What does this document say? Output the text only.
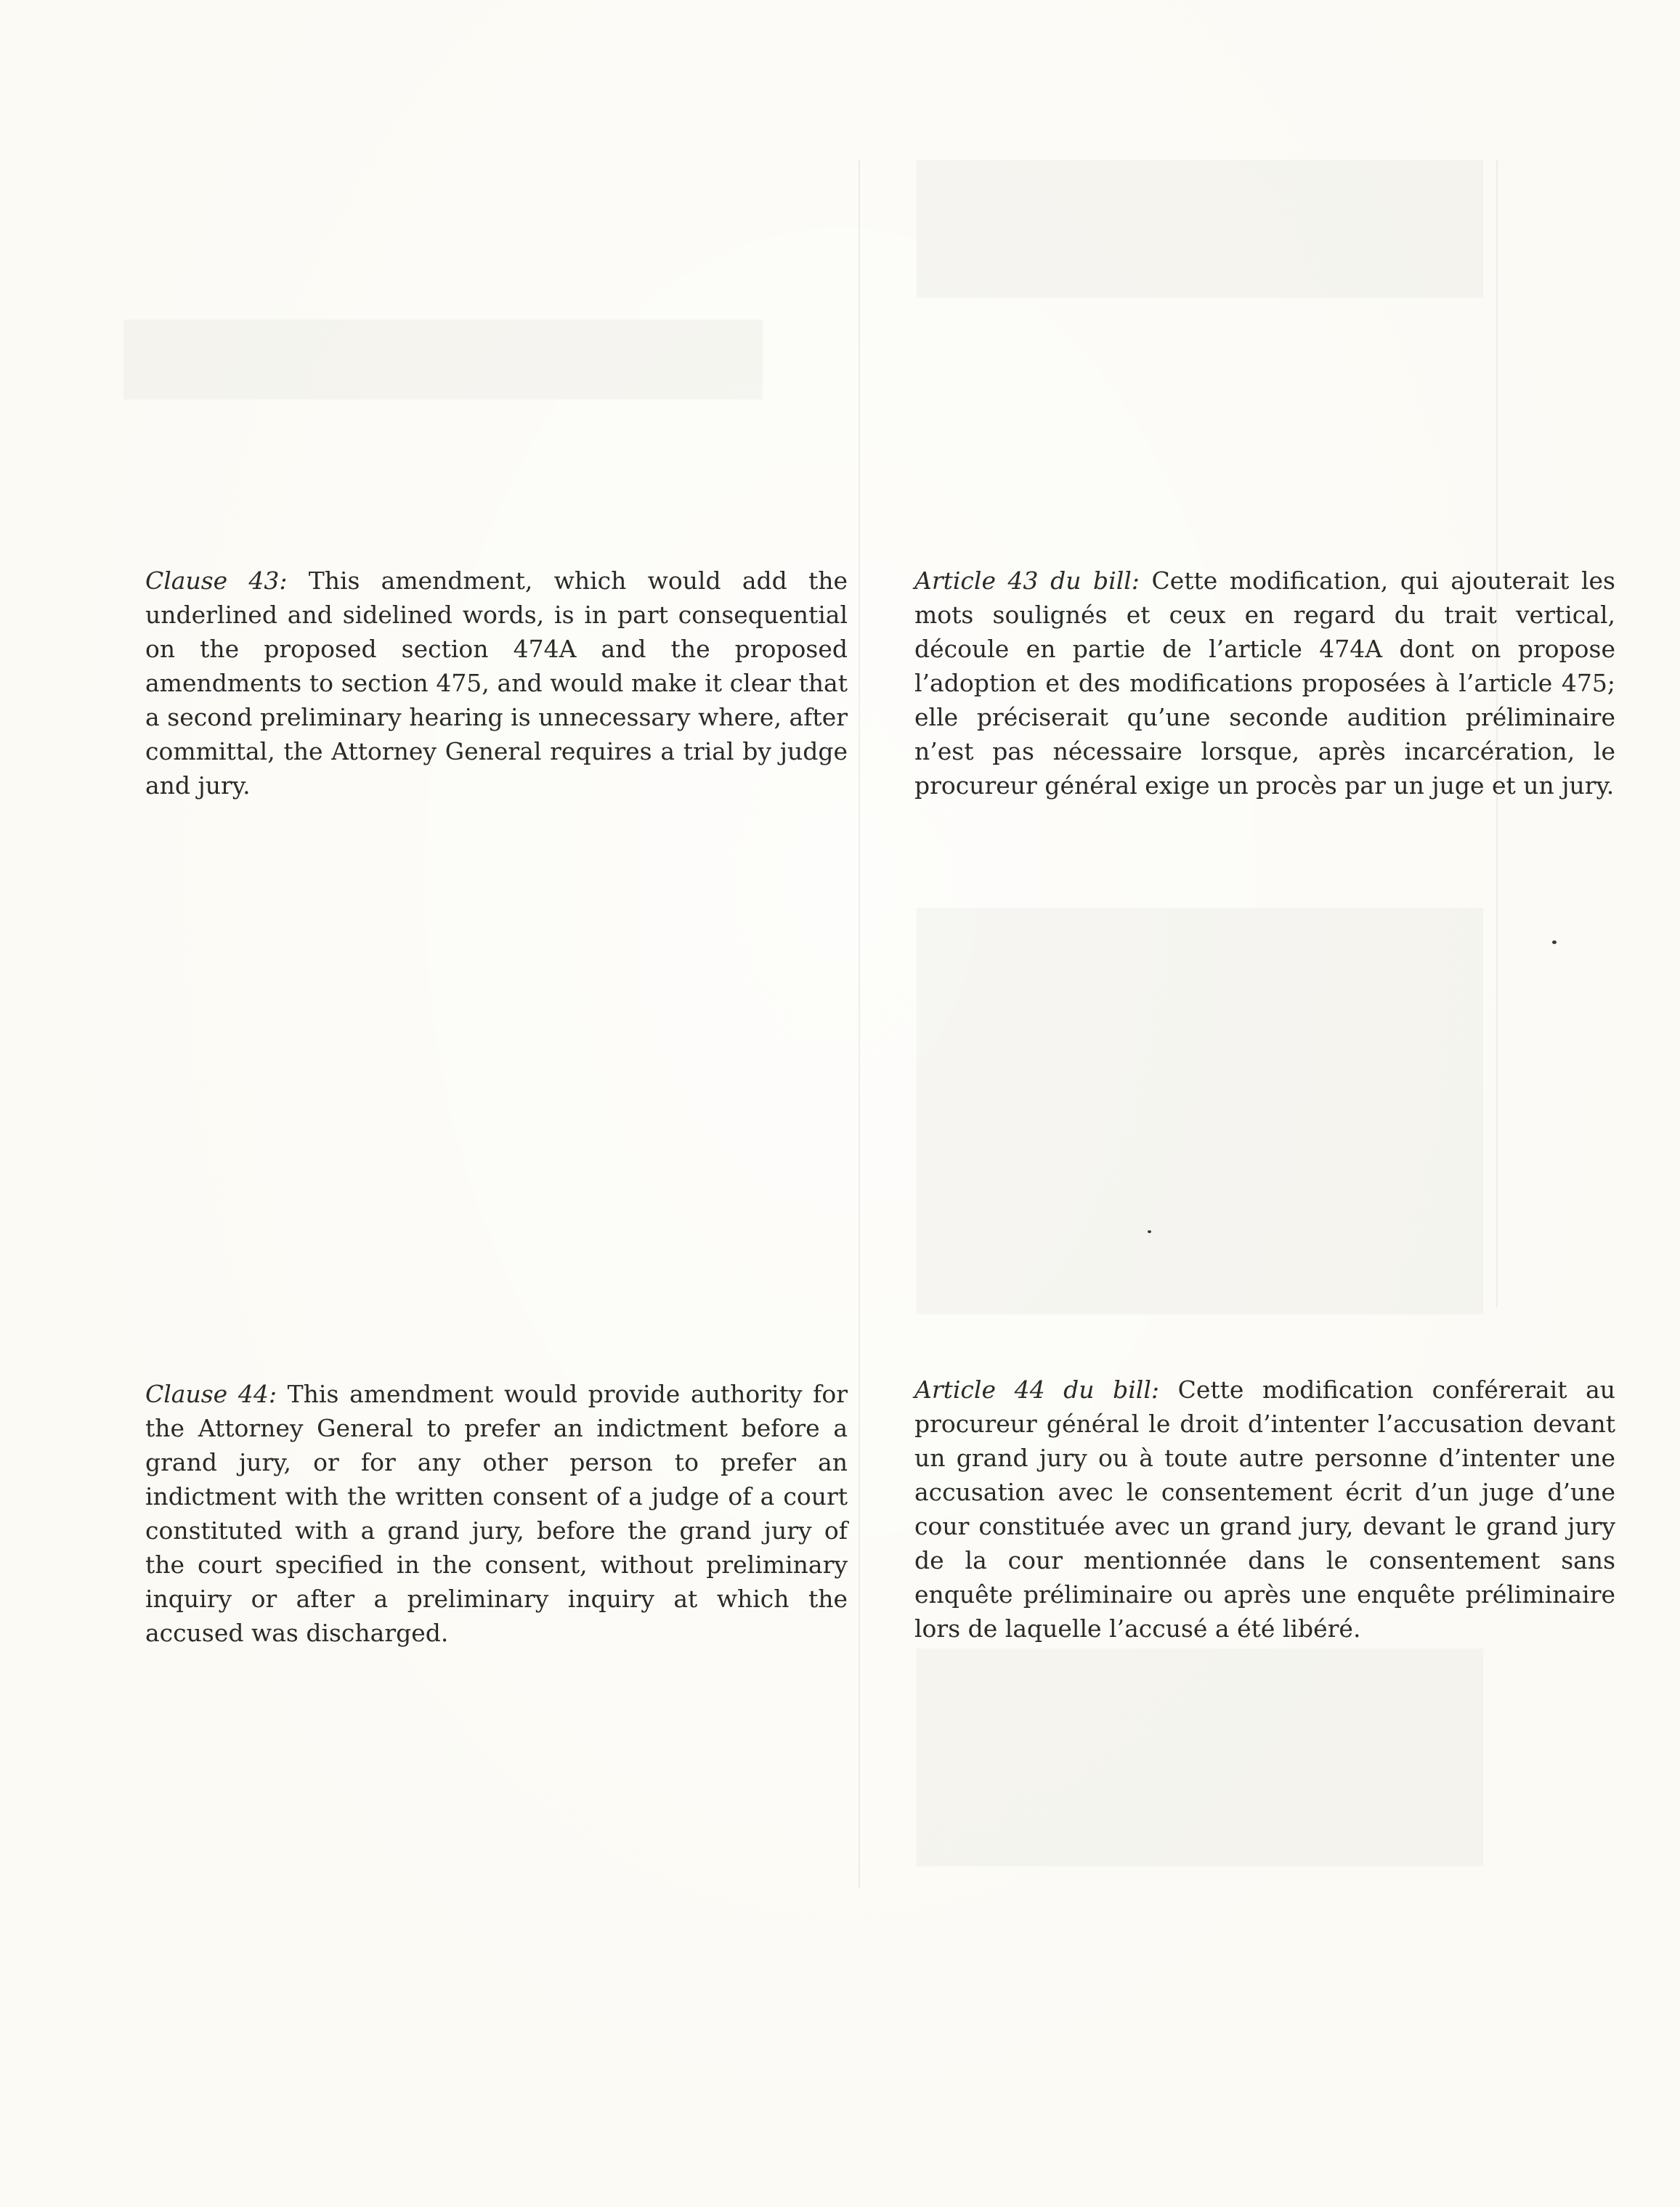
Clause 43: This amendment, which would add the underlined and sidelined words, is in part consequential on the proposed section 474A and the proposed amendments to section 475, and would make it clear that a second preliminary hearing is unnecessary where, after committal, the Attorney General requires a trial by judge and jury.

Article 43 du bill: Cette modification, qui ajouterait les mots soulignés et ceux en regard du trait vertical, découle en partie de l’article 474A dont on propose l’adoption et des modifications proposées à l’article 475; elle préciserait qu’une seconde audition préliminaire n’est pas nécessaire lorsque, après incarcération, le procureur général exige un procès par un juge et un jury.

Clause 44: This amendment would provide authority for the Attorney General to prefer an indictment before a grand jury, or for any other person to prefer an indictment with the written consent of a judge of a court constituted with a grand jury, before the grand jury of the court specified in the consent, without preliminary inquiry or after a preliminary inquiry at which the accused was discharged.

Article 44 du bill: Cette modification conférerait au procureur général le droit d’intenter l’accusation devant un grand jury ou à toute autre personne d’intenter une accusation avec le consentement écrit d’un juge d’une cour constituée avec un grand jury, devant le grand jury de la cour mentionnée dans le consentement sans enquête préliminaire ou après une enquête préliminaire lors de laquelle l’accusé a été libéré.
